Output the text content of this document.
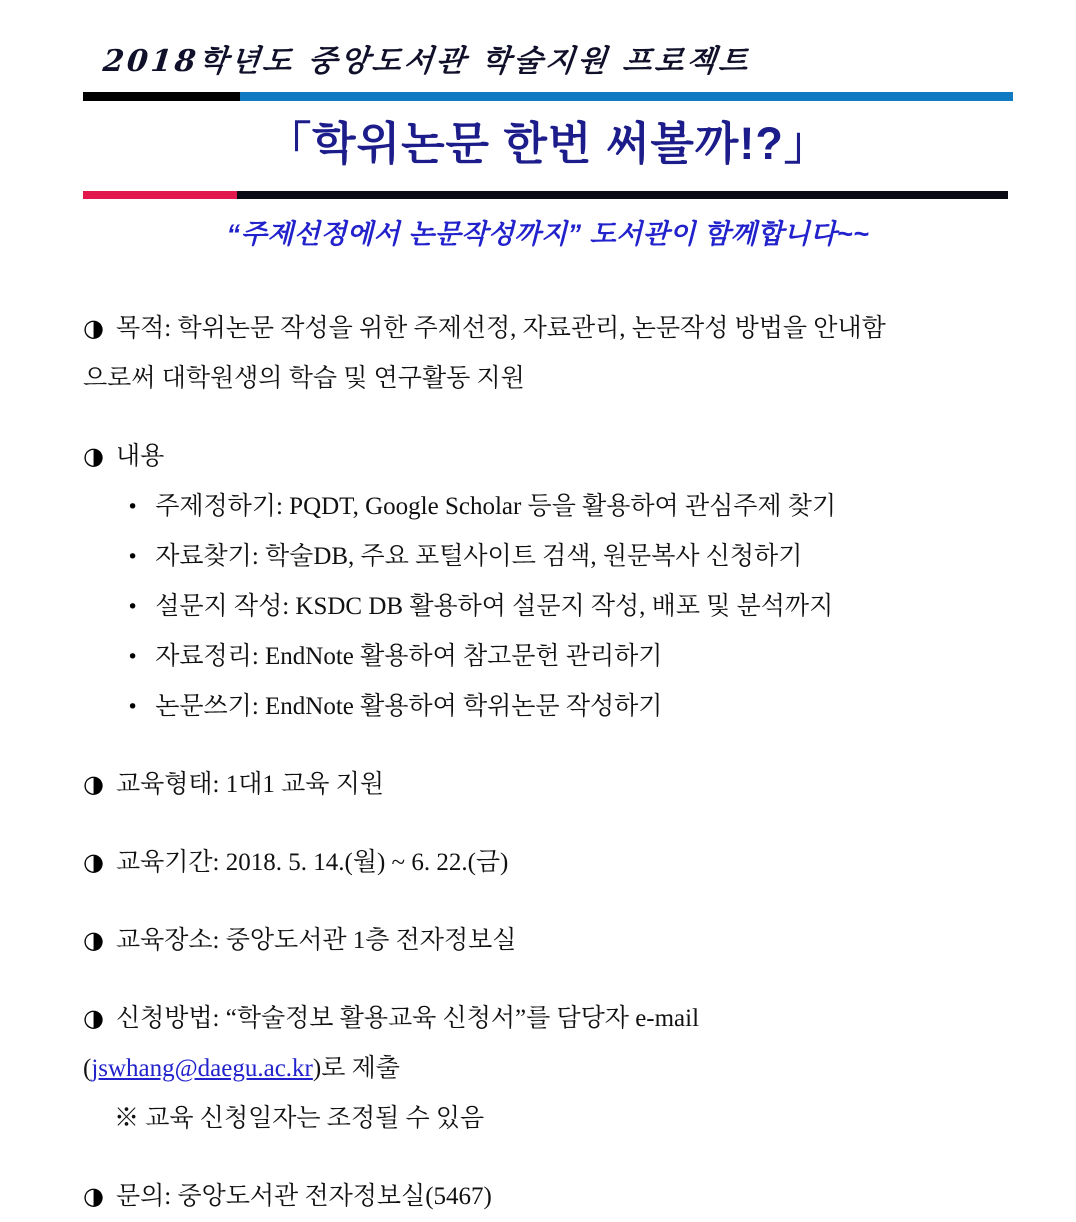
2018학년도 중앙도서관 학술지원 프로젝트
「학위논문 한번 써볼까!?」
“주제선정에서 논문작성까지” 도서관이 함께합니다~~
◑ 목적: 학위논문 작성을 위한 주제선정, 자료관리, 논문작성 방법을 안내함
으로써 대학원생의 학습 및 연구활동 지원
◑ 내용
• 주제정하기: PQDT, Google Scholar 등을 활용하여 관심주제 찾기
• 자료찾기: 학술DB, 주요 포털사이트 검색, 원문복사 신청하기
• 설문지 작성: KSDC DB 활용하여 설문지 작성, 배포 및 분석까지
• 자료정리: EndNote 활용하여 참고문헌 관리하기
• 논문쓰기: EndNote 활용하여 학위논문 작성하기
◑ 교육형태: 1대1 교육 지원
◑ 교육기간: 2018. 5. 14.(월) ~ 6. 22.(금)
◑ 교육장소: 중앙도서관 1층 전자정보실
◑ 신청방법: “학술정보 활용교육 신청서”를 담당자 e-mail
(jswhang@daegu.ac.kr)로 제출
※ 교육 신청일자는 조정될 수 있음
◑ 문의: 중앙도서관 전자정보실(5467)
